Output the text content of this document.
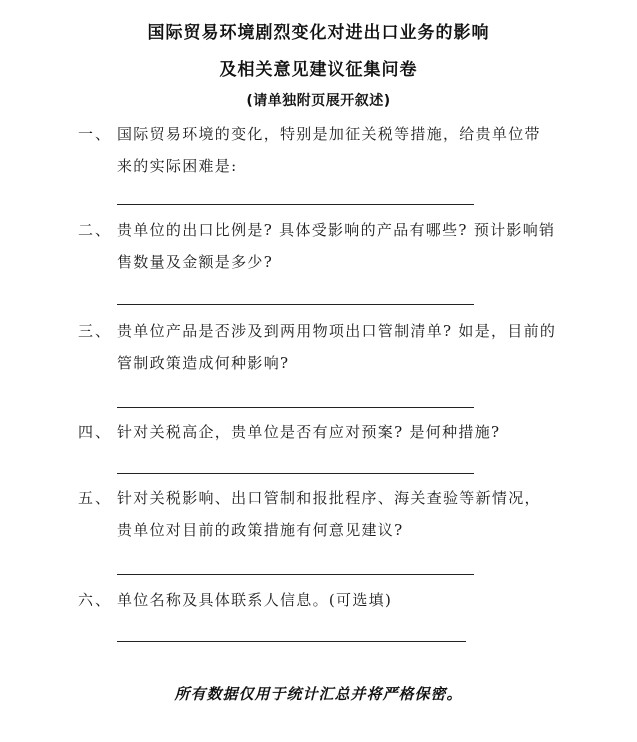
国际贸易环境剧烈变化对进出口业务的影响
及相关意见建议征集问卷
(请单独附页展开叙述)
一、 国际贸易环境的变化，特别是加征关税等措施，给贵单位带来的实际困难是:
二、 贵单位的出口比例是? 具体受影响的产品有哪些? 预计影响销售数量及金额是多少?
三、 贵单位产品是否涉及到两用物项出口管制清单? 如是，目前的管制政策造成何种影响?
四、 针对关税高企，贵单位是否有应对预案? 是何种措施?
五、 针对关税影响、出口管制和报批程序、海关查验等新情况，贵单位对目前的政策措施有何意见建议?
六、 单位名称及具体联系人信息。(可选填)
所有数据仅用于统计汇总并将严格保密。
